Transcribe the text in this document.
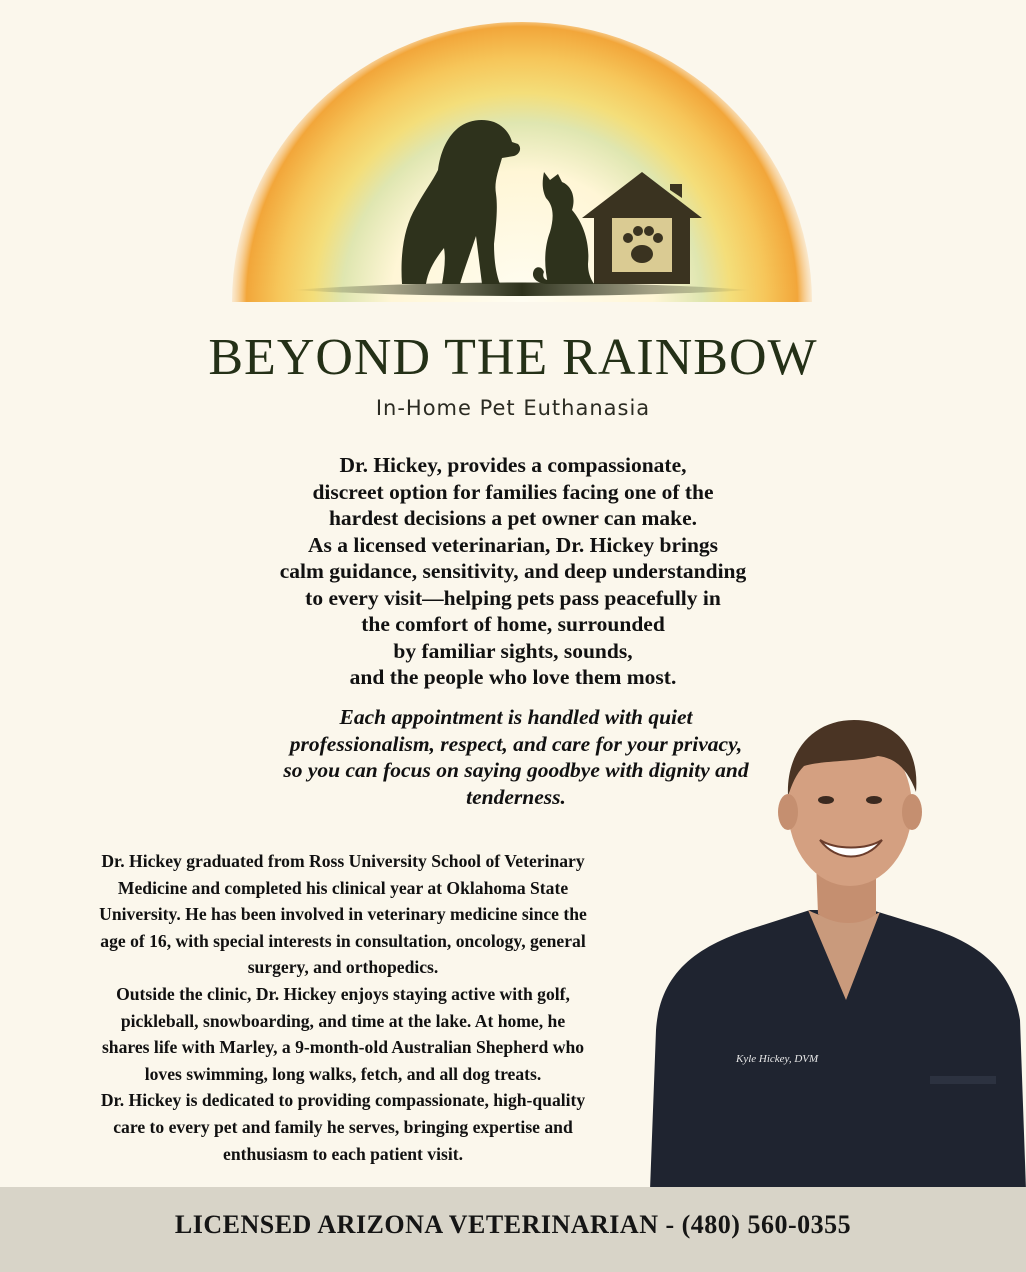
BEYOND THE RAINBOW
In-Home Pet Euthanasia
Dr. Hickey, provides a compassionate,
discreet option for families facing one of the
hardest decisions a pet owner can make.
As a licensed veterinarian, Dr. Hickey brings
calm guidance, sensitivity, and deep understanding
to every visit—helping pets pass peacefully in
the comfort of home, surrounded
by familiar sights, sounds,
and the people who love them most.
Each appointment is handled with quiet
professionalism, respect, and care for your privacy,
so you can focus on saying goodbye with dignity and
tenderness.
Kyle Hickey, DVM
Dr. Hickey graduated from Ross University School of Veterinary
Medicine and completed his clinical year at Oklahoma State
University. He has been involved in veterinary medicine since the
age of 16, with special interests in consultation, oncology, general
surgery, and orthopedics.
Outside the clinic, Dr. Hickey enjoys staying active with golf,
pickleball, snowboarding, and time at the lake. At home, he
shares life with Marley, a 9-month-old Australian Shepherd who
loves swimming, long walks, fetch, and all dog treats.
Dr. Hickey is dedicated to providing compassionate, high-quality
care to every pet and family he serves, bringing expertise and
enthusiasm to each patient visit.
LICENSED ARIZONA VETERINARIAN - (480) 560-0355
